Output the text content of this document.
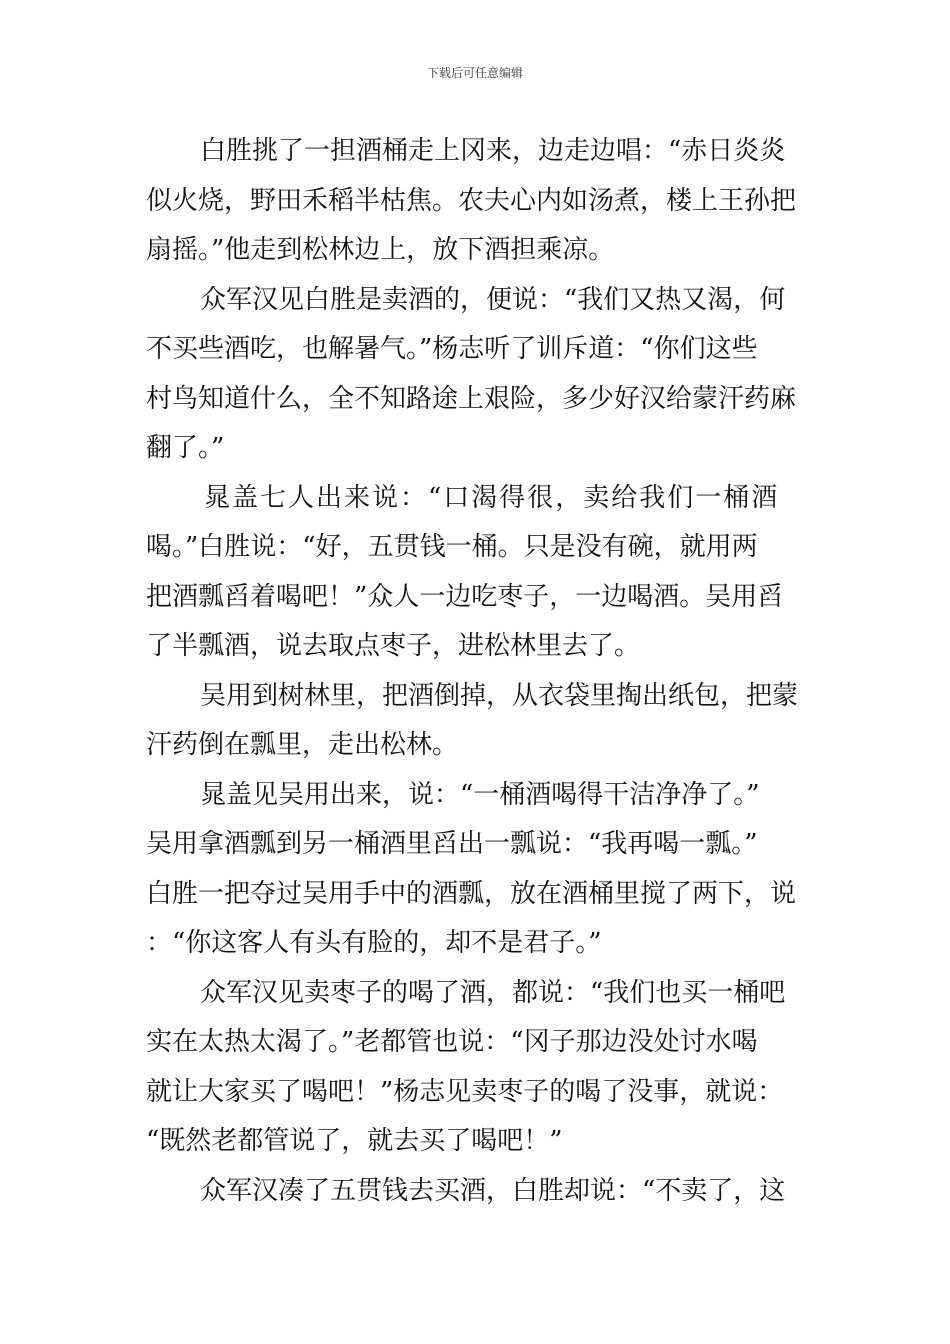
下载后可任意编辑
白胜挑了一担酒桶走上冈来，边走边唱：“赤日炎炎
似火烧，野田禾稻半枯焦。农夫心内如汤煮，楼上王孙把
扇摇。”他走到松林边上，放下酒担乘凉。
众军汉见白胜是卖酒的，便说：“我们又热又渴，何
不买些酒吃，也解暑气。”杨志听了训斥道：“你们这些
村鸟知道什么，全不知路途上艰险，多少好汉给蒙汗药麻
翻了。”
晁盖七人出来说：“口渴得很，卖给我们一桶酒
喝。”白胜说：“好，五贯钱一桶。只是没有碗，就用两
把酒瓢舀着喝吧！”众人一边吃枣子，一边喝酒。吴用舀
了半瓢酒，说去取点枣子，进松林里去了。
吴用到树林里，把酒倒掉，从衣袋里掏出纸包，把蒙
汗药倒在瓢里，走出松林。
晁盖见吴用出来，说：“一桶酒喝得干洁净净了。”
吴用拿酒瓢到另一桶酒里舀出一瓢说：“我再喝一瓢。”
白胜一把夺过吴用手中的酒瓢，放在酒桶里搅了两下，说
：“你这客人有头有脸的，却不是君子。”
众军汉见卖枣子的喝了酒，都说：“我们也买一桶吧
实在太热太渴了。”老都管也说：“冈子那边没处讨水喝
就让大家买了喝吧！”杨志见卖枣子的喝了没事，就说：
“既然老都管说了，就去买了喝吧！”
众军汉凑了五贯钱去买酒，白胜却说：“不卖了，这
